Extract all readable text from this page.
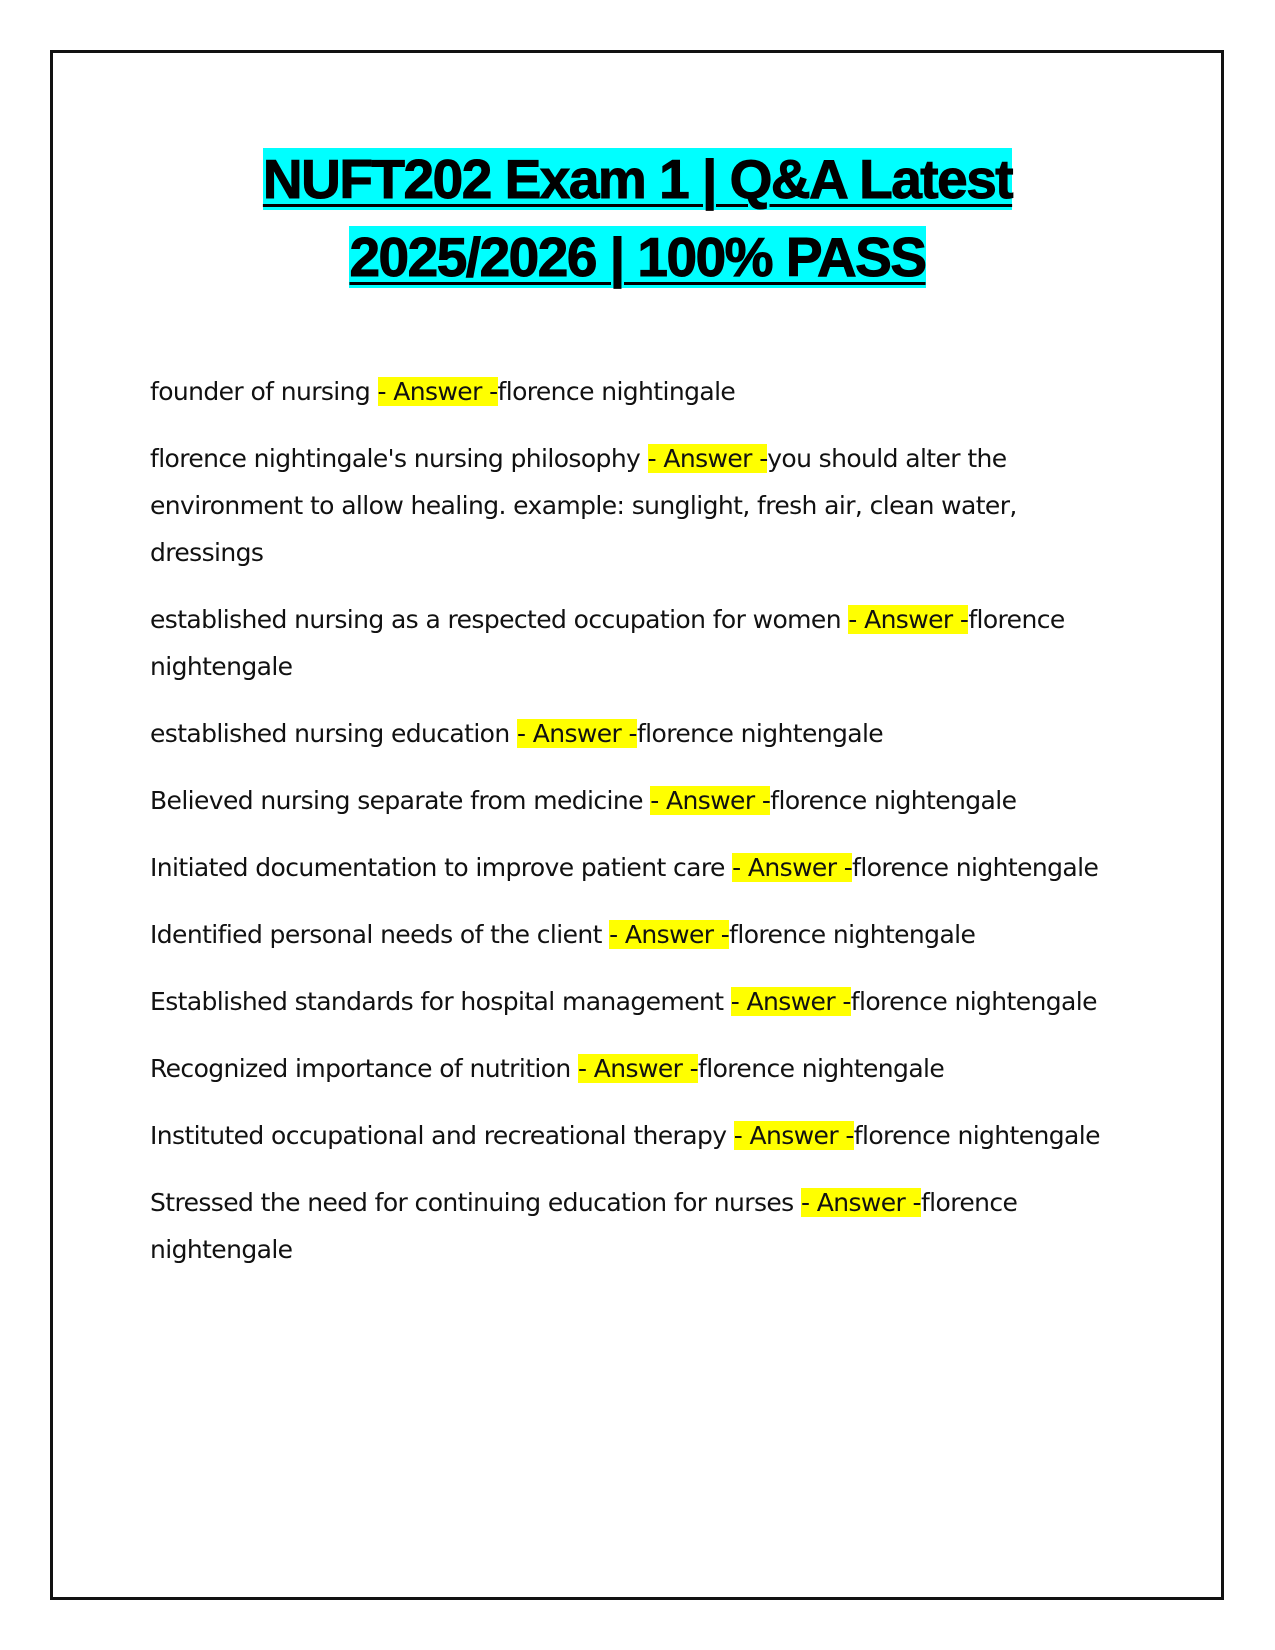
NUFT202 Exam 1 | Q&A Latest
2025/2026 | 100% PASS

founder of nursing - Answer -florence nightingale

florence nightingale's nursing philosophy - Answer -you should alter the environment to allow healing. example: sunglight, fresh air, clean water, dressings

established nursing as a respected occupation for women - Answer -florence nightengale

established nursing education - Answer -florence nightengale

Believed nursing separate from medicine - Answer -florence nightengale

Initiated documentation to improve patient care - Answer -florence nightengale

Identified personal needs of the client - Answer -florence nightengale

Established standards for hospital management - Answer -florence nightengale

Recognized importance of nutrition - Answer -florence nightengale

Instituted occupational and recreational therapy - Answer -florence nightengale

Stressed the need for continuing education for nurses - Answer -florence nightengale
